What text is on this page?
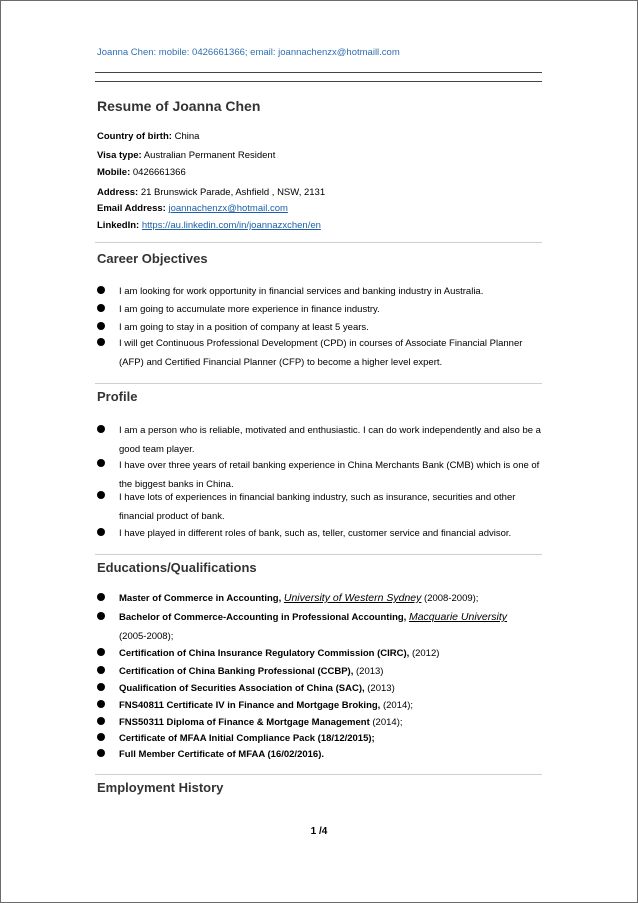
Joanna Chen: mobile: 0426661366; email: joannachenzx@hotmaill.com
Resume of Joanna Chen
Country of birth: China
Visa type: Australian Permanent Resident
Mobile: 0426661366
Address: 21 Brunswick Parade, Ashfield , NSW, 2131
Email Address: joannachenzx@hotmail.com
LinkedIn: https://au.linkedin.com/in/joannazxchen/en
Career Objectives
I am looking for work opportunity in financial services and banking industry in Australia.
I am going to accumulate more experience in finance industry.
I am going to stay in a position of company at least 5 years.
I will get Continuous Professional Development (CPD) in courses of Associate Financial Planner (AFP) and Certified Financial Planner (CFP) to become a higher level expert.
Profile
I am a person who is reliable, motivated and enthusiastic. I can do work independently and also be a good team player.
I have over three years of retail banking experience in China Merchants Bank (CMB) which is one of the biggest banks in China.
I have lots of experiences in financial banking industry, such as insurance, securities and other financial product of bank.
I have played in different roles of bank, such as, teller, customer service and financial advisor.
Educations/Qualifications
Master of Commerce in Accounting, University of Western Sydney (2008-2009);
Bachelor of Commerce-Accounting in Professional Accounting, Macquarie University
(2005-2008);
Certification of China Insurance Regulatory Commission (CIRC), (2012)
Certification of China Banking Professional (CCBP), (2013)
Qualification of Securities Association of China (SAC), (2013)
FNS40811 Certificate IV in Finance and Mortgage Broking, (2014);
FNS50311 Diploma of Finance & Mortgage Management (2014);
Certificate of MFAA Initial Compliance Pack (18/12/2015);
Full Member Certificate of MFAA (16/02/2016).
Employment History
1 /4
